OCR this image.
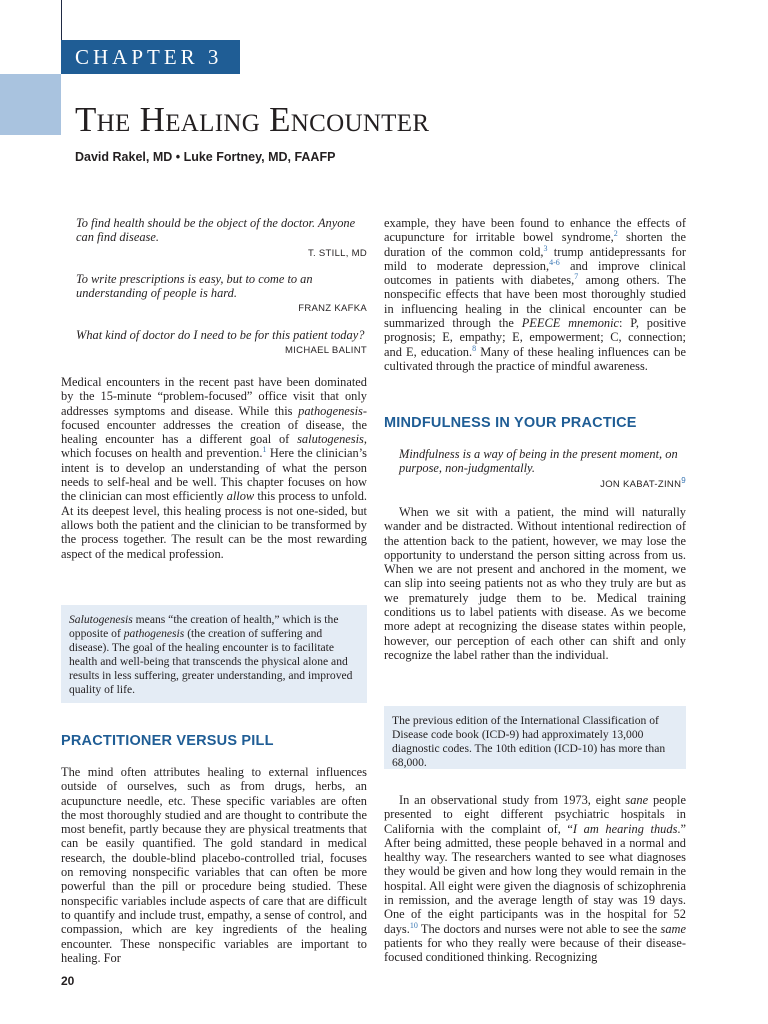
CHAPTER 3
The Healing Encounter
David Rakel, MD • Luke Fortney, MD, FAAFP

To find health should be the object of the doctor. Anyone can find disease.

T. STILL, MD

To write prescriptions is easy, but to come to an understanding of people is hard.

FRANZ KAFKA

What kind of doctor do I need to be for this patient today?

MICHAEL BALINT

Medical encounters in the recent past have been dominated by the 15-minute “problem-focused” office visit that only addresses symptoms and disease. While this pathogenesis-focused encounter addresses the creation of disease, the healing encounter has a different goal of salutogenesis, which focuses on health and prevention.$^1$ Here the clinician’s intent is to develop an understanding of what the person needs to self-heal and be well. This chapter focuses on how the clinician can most efficiently allow this process to unfold. At its deepest level, this healing process is not one-sided, but allows both the patient and the clinician to be transformed by the process together. The result can be the most rewarding aspect of the medical profession.

Salutogenesis means “the creation of health,” which is the opposite of pathogenesis (the creation of suffering and disease). The goal of the healing encounter is to facilitate health and well-being that transcends the physical alone and results in less suffering, greater understanding, and improved quality of life.
PRACTITIONER VERSUS PILL

The mind often attributes healing to external influences outside of ourselves, such as from drugs, herbs, an acupuncture needle, etc. These specific variables are often the most thoroughly studied and are thought to contribute the most benefit, partly because they are physical treatments that can be easily quantified. The gold standard in medical research, the double-blind placebo-controlled trial, focuses on removing nonspecific variables that can often be more powerful than the pill or procedure being studied. These nonspecific variables include aspects of care that are difficult to quantify and include trust, empathy, a sense of control, and compassion, which are key ingredients of the healing encounter. These nonspecific variables are important to healing. For

example, they have been found to enhance the effects of acupuncture for irritable bowel syndrome,$^2$ shorten the duration of the common cold,$^3$ trump antidepressants for mild to moderate depression,$^{4-6}$ and improve clinical outcomes in patients with diabetes,$^7$ among others. The nonspecific effects that have been most thoroughly studied in influencing healing in the clinical encounter can be summarized through the PEECE mnemonic: P, positive prognosis; E, empathy; E, empowerment; C, connection; and E, education.$^8$ Many of these healing influences can be cultivated through the practice of mindful awareness.

MINDFULNESS IN YOUR PRACTICE

Mindfulness is a way of being in the present moment, on purpose, non-judgmentally.

JON KABAT-ZINN$^9$

When we sit with a patient, the mind will naturally wander and be distracted. Without intentional redirection of the attention back to the patient, however, we may lose the opportunity to understand the person sitting across from us. When we are not present and anchored in the moment, we can slip into seeing patients not as who they truly are but as we prematurely judge them to be. Medical training conditions us to label patients with disease. As we become more adept at recognizing the disease states within people, however, our perception of each other can shift and only recognize the label rather than the individual.

The previous edition of the International Classification of Disease code book (ICD-9) had approximately 13,000 diagnostic codes. The 10th edition (ICD-10) has more than 68,000.

In an observational study from 1973, eight sane people presented to eight different psychiatric hospitals in California with the complaint of, “I am hearing thuds.” After being admitted, these people behaved in a normal and healthy way. The researchers wanted to see what diagnoses they would be given and how long they would remain in the hospital. All eight were given the diagnosis of schizophrenia in remission, and the average length of stay was 19 days. One of the eight participants was in the hospital for 52 days.$^{10}$ The doctors and nurses were not able to see the same patients for who they really were because of their disease-focused conditioned thinking. Recognizing

20
